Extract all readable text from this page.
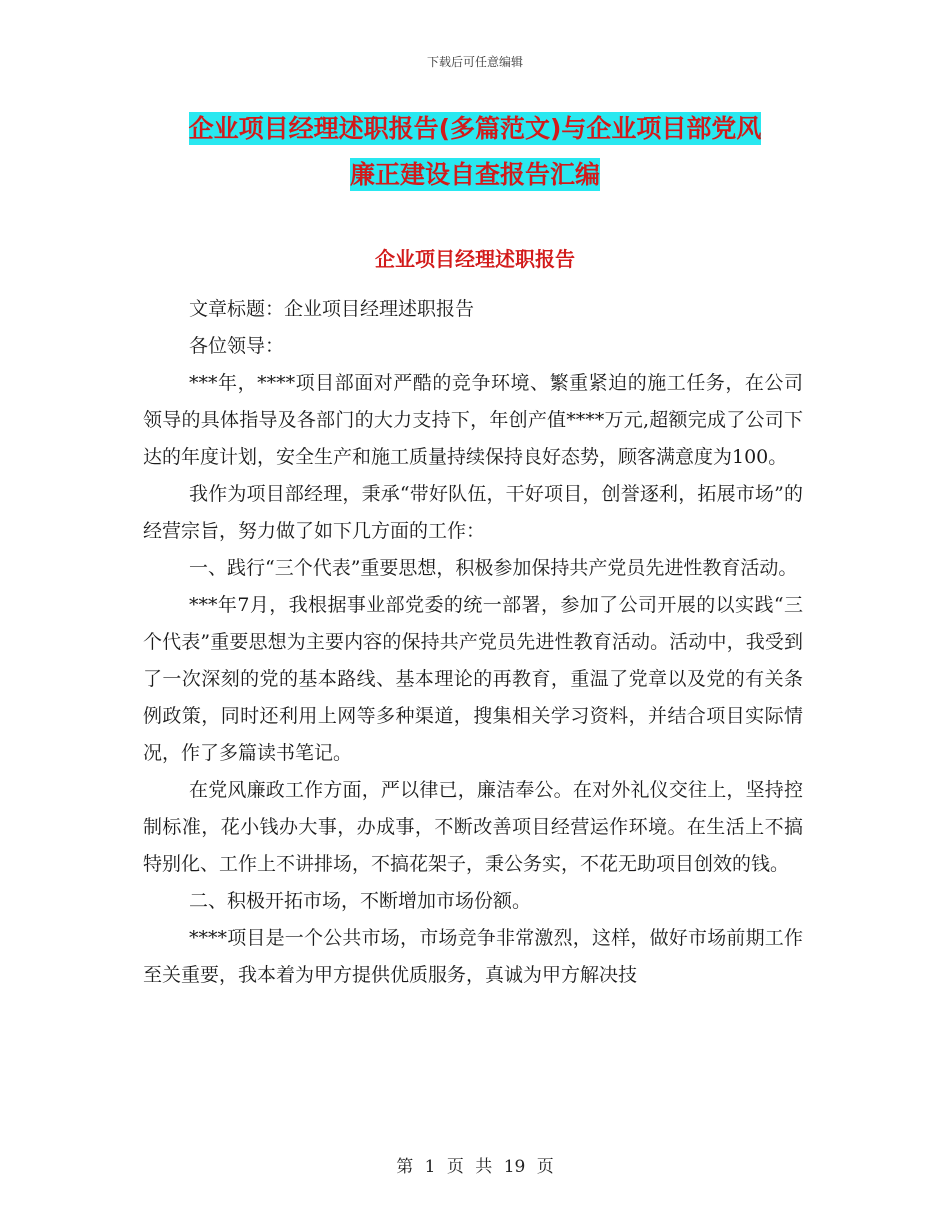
下载后可任意编辑
企业项目经理述职报告(多篇范文)与企业项目部党风
廉正建设自查报告汇编
企业项目经理述职报告

文章标题：企业项目经理述职报告

各位领导：

***年，****项目部面对严酷的竞争环境、繁重紧迫的施工任务，在公司领导的具体指导及各部门的大力支持下，年创产值****万元,超额完成了公司下达的年度计划，安全生产和施工质量持续保持良好态势，顾客满意度为100。

我作为项目部经理，秉承“带好队伍，干好项目，创誉逐利，拓展市场”的经营宗旨，努力做了如下几方面的工作：

一、践行“三个代表”重要思想，积极参加保持共产党员先进性教育活动。

***年7月，我根据事业部党委的统一部署，参加了公司开展的以实践“三个代表”重要思想为主要内容的保持共产党员先进性教育活动。活动中，我受到了一次深刻的党的基本路线、基本理论的再教育，重温了党章以及党的有关条例政策，同时还利用上网等多种渠道，搜集相关学习资料，并结合项目实际情况，作了多篇读书笔记。

在党风廉政工作方面，严以律已，廉洁奉公。在对外礼仪交往上，坚持控制标准，花小钱办大事，办成事，不断改善项目经营运作环境。在生活上不搞特别化、工作上不讲排场，不搞花架子，秉公务实，不花无助项目创效的钱。

二、积极开拓市场，不断增加市场份额。

****项目是一个公共市场，市场竞争非常激烈，这样，做好市场前期工作至关重要，我本着为甲方提供优质服务，真诚为甲方解决技

第 1 页 共 19 页
